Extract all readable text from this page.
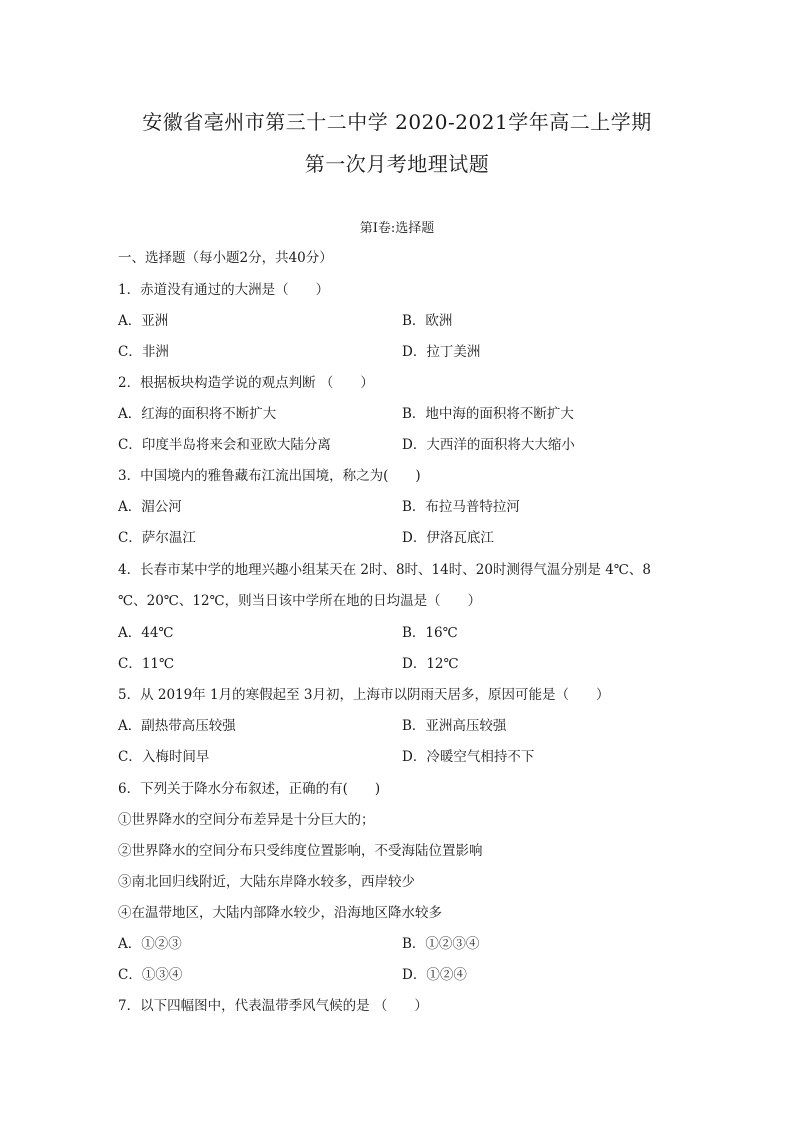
安徽省亳州市第三十二中学 2020-2021学年高二上学期
第一次月考地理试题
第I卷:选择题
一、选择题（每小题2分，共40分）
1．赤道没有通过的大洲是（　　）
A．亚洲	B．欧洲
C．非洲	D．拉丁美洲
2．根据板块构造学说的观点判断 （　　）
A．红海的面积将不断扩大	B．地中海的面积将不断扩大
C．印度半岛将来会和亚欧大陆分离	D．大西洋的面积将大大缩小
3．中国境内的雅鲁藏布江流出国境，称之为(　　)
A．湄公河	B．布拉马普特拉河
C．萨尔温江	D．伊洛瓦底江
4．长春市某中学的地理兴趣小组某天在 2时、8时、14时、20时测得气温分别是 4℃、8
℃、20℃、12℃，则当日该中学所在地的日均温是（　　）
A．44℃	B．16℃
C．11℃	D．12℃
5．从 2019年 1月的寒假起至 3月初，上海市以阴雨天居多，原因可能是（　　）
A．副热带高压较强	B．亚洲高压较强
C．入梅时间早	D．冷暖空气相持不下
6．下列关于降水分布叙述，正确的有(　　)
①世界降水的空间分布差异是十分巨大的；
②世界降水的空间分布只受纬度位置影响，不受海陆位置影响
③南北回归线附近，大陆东岸降水较多，西岸较少
④在温带地区，大陆内部降水较少，沿海地区降水较多
A．①②③	B．①②③④
C．①③④	D．①②④
7．以下四幅图中，代表温带季风气候的是 （　　）
